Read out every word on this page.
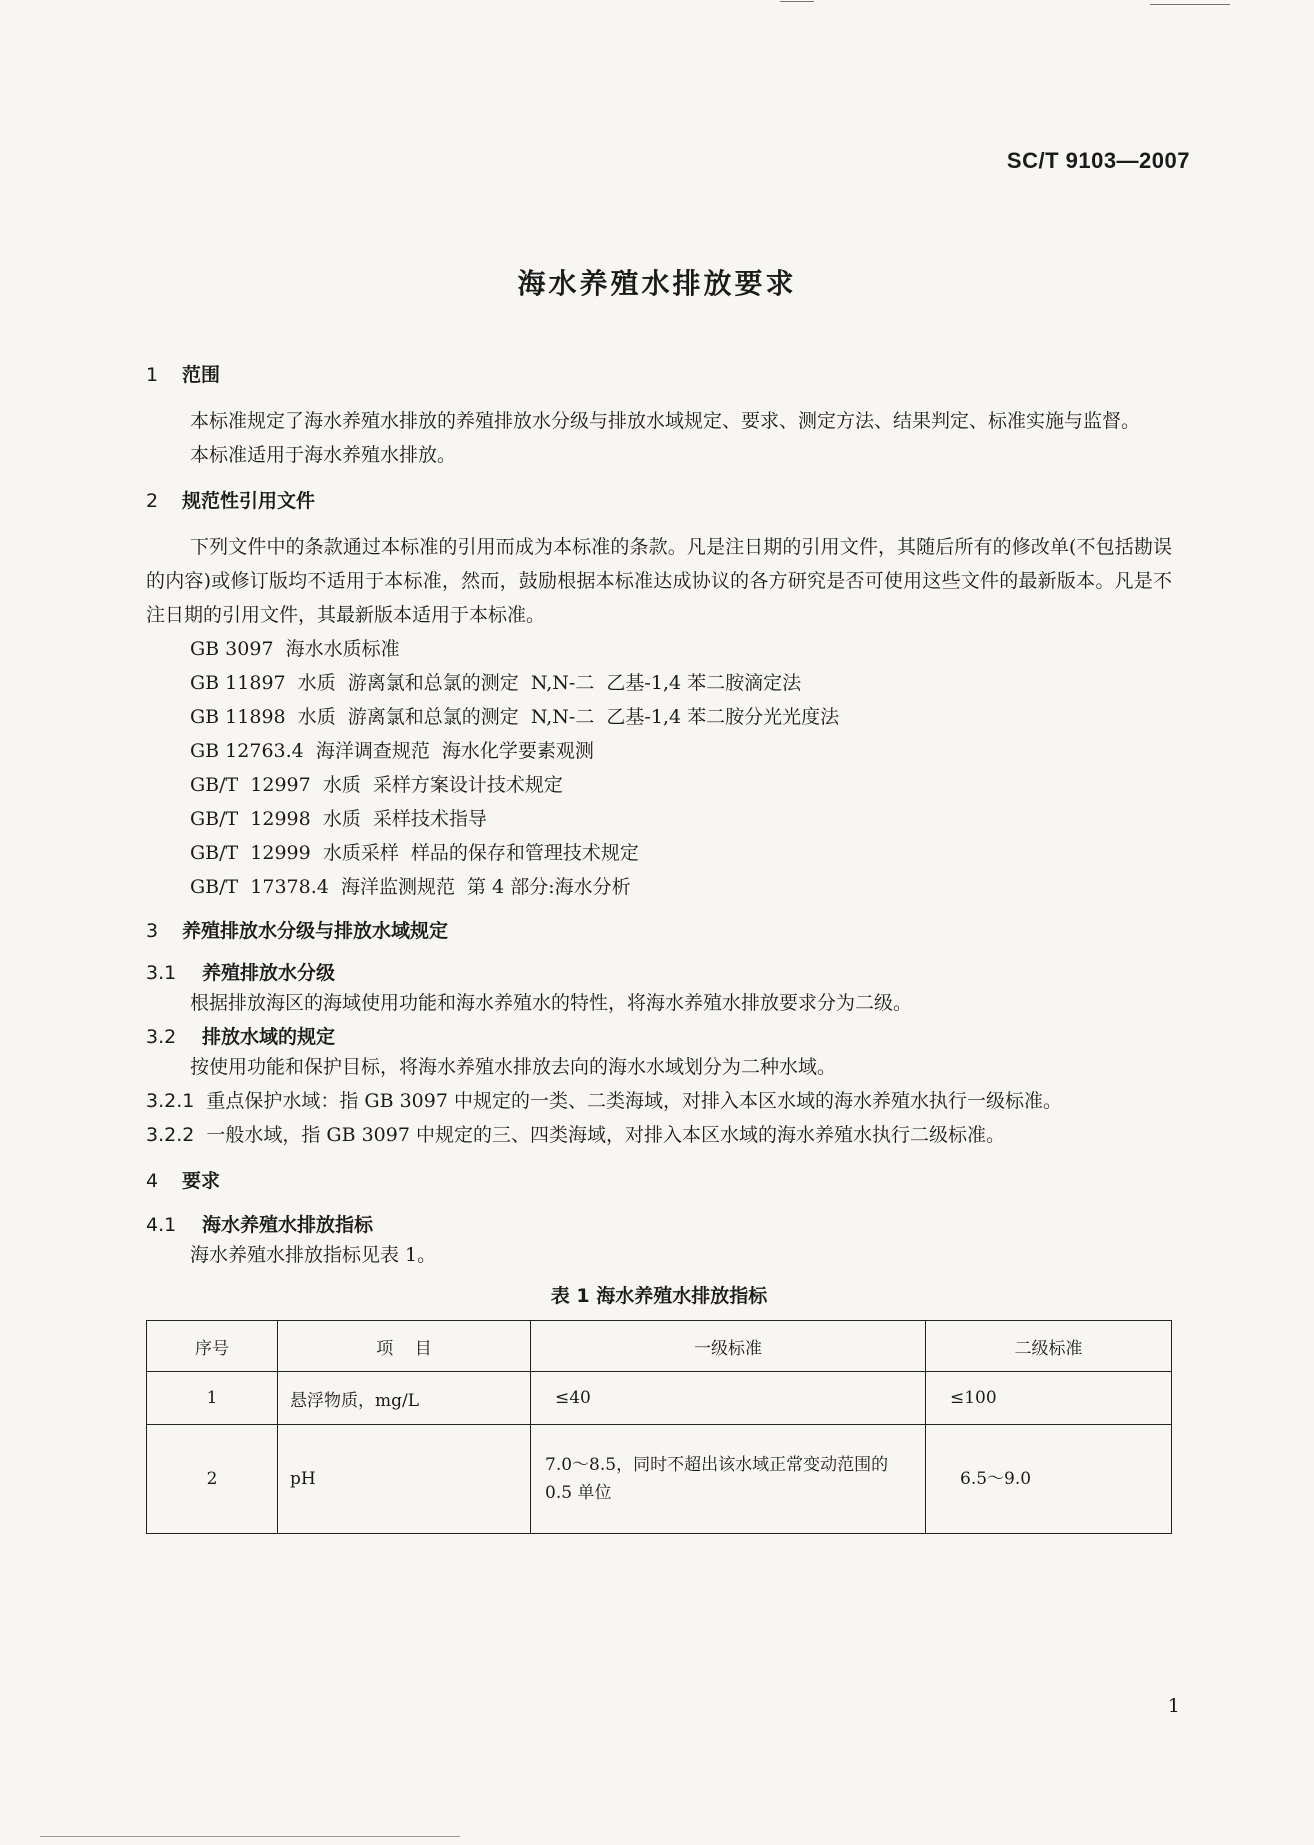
SC/T 9103—2007
海水养殖水排放要求
1	范围
本标准规定了海水养殖水排放的养殖排放水分级与排放水域规定、要求、测定方法、结果判定、标准实施与监督。
本标准适用于海水养殖水排放。
2	规范性引用文件
下列文件中的条款通过本标准的引用而成为本标准的条款。凡是注日期的引用文件，其随后所有的修改单(不包括勘误的内容)或修订版均不适用于本标准，然而，鼓励根据本标准达成协议的各方研究是否可使用这些文件的最新版本。凡是不注日期的引用文件，其最新版本适用于本标准。
GB 3097  海水水质标准
GB 11897  水质  游离氯和总氯的测定  N,N-二  乙基-1,4 苯二胺滴定法
GB 11898  水质  游离氯和总氯的测定  N,N-二  乙基-1,4 苯二胺分光光度法
GB 12763.4  海洋调查规范  海水化学要素观测
GB/T  12997  水质  采样方案设计技术规定
GB/T  12998  水质  采样技术指导
GB/T  12999  水质采样  样品的保存和管理技术规定
GB/T  17378.4  海洋监测规范  第 4 部分:海水分析
3	养殖排放水分级与排放水域规定
3.1	养殖排放水分级
根据排放海区的海域使用功能和海水养殖水的特性，将海水养殖水排放要求分为二级。
3.2	排放水域的规定
按使用功能和保护目标，将海水养殖水排放去向的海水水域划分为二种水域。
3.2.1 重点保护水域：指 GB 3097 中规定的一类、二类海域，对排入本区水域的海水养殖水执行一级标准。
3.2.2 一般水域，指 GB 3097 中规定的三、四类海域，对排入本区水域的海水养殖水执行二级标准。
4	要求
4.1	海水养殖水排放指标
海水养殖水排放指标见表 1。
表 1 海水养殖水排放指标
序号	项    目	一级标准	二级标准
1	悬浮物质，mg/L	≤40	≤100
2	pH	7.0～8.5，同时不超出该水域正常变动范围的 0.5 单位	6.5～9.0
1
